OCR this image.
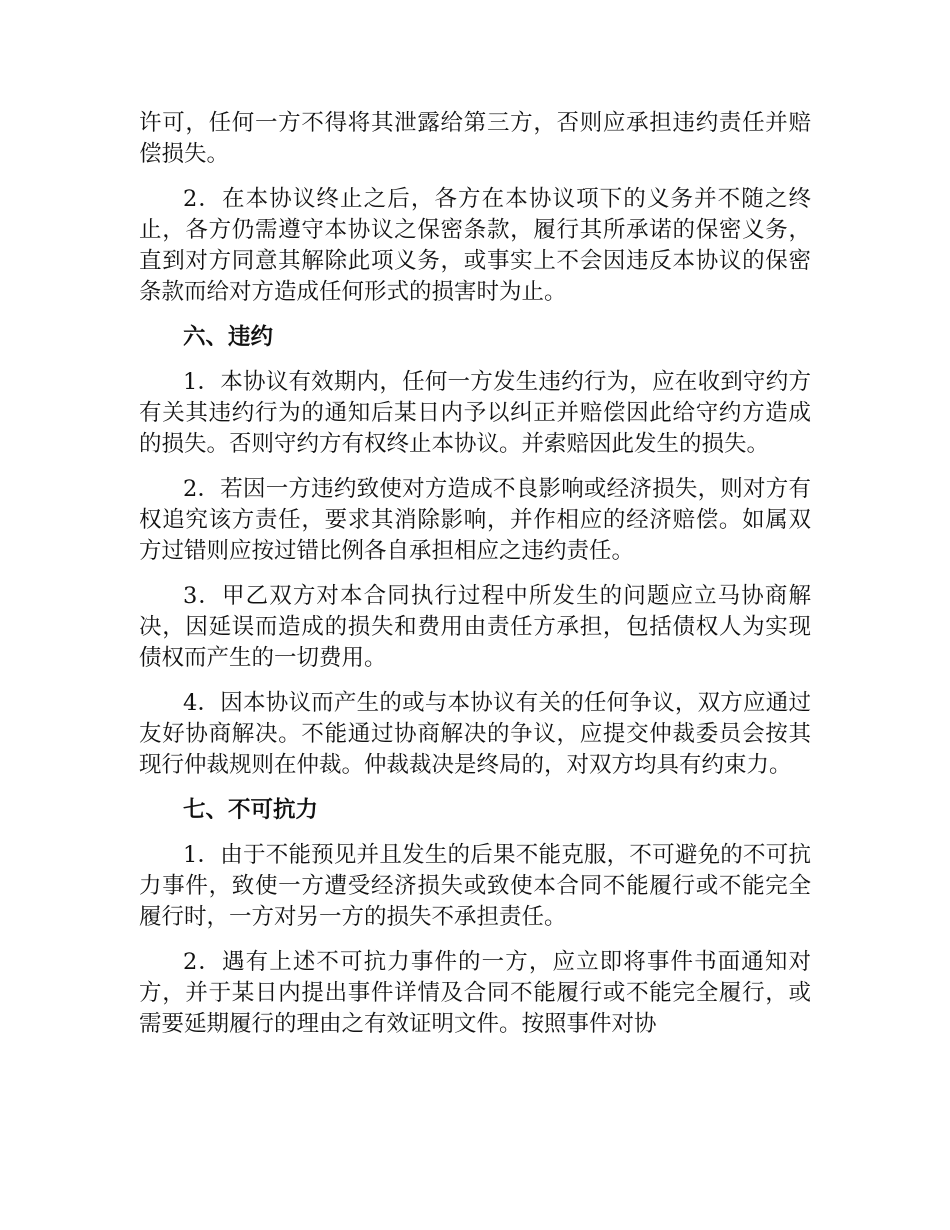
许可，任何一方不得将其泄露给第三方，否则应承担违约责任并赔偿损失。

2．在本协议终止之后，各方在本协议项下的义务并不随之终止，各方仍需遵守本协议之保密条款，履行其所承诺的保密义务，直到对方同意其解除此项义务，或事实上不会因违反本协议的保密条款而给对方造成任何形式的损害时为止。

六、违约

1．本协议有效期内，任何一方发生违约行为，应在收到守约方有关其违约行为的通知后某日内予以纠正并赔偿因此给守约方造成的损失。否则守约方有权终止本协议。并索赔因此发生的损失。

2．若因一方违约致使对方造成不良影响或经济损失，则对方有权追究该方责任，要求其消除影响，并作相应的经济赔偿。如属双方过错则应按过错比例各自承担相应之违约责任。

3．甲乙双方对本合同执行过程中所发生的问题应立马协商解决，因延误而造成的损失和费用由责任方承担，包括债权人为实现债权而产生的一切费用。

4．因本协议而产生的或与本协议有关的任何争议，双方应通过友好协商解决。不能通过协商解决的争议，应提交仲裁委员会按其现行仲裁规则在仲裁。仲裁裁决是终局的，对双方均具有约束力。

七、不可抗力

1．由于不能预见并且发生的后果不能克服，不可避免的不可抗力事件，致使一方遭受经济损失或致使本合同不能履行或不能完全履行时，一方对另一方的损失不承担责任。

2．遇有上述不可抗力事件的一方，应立即将事件书面通知对方，并于某日内提出事件详情及合同不能履行或不能完全履行，或需要延期履行的理由之有效证明文件。按照事件对协
